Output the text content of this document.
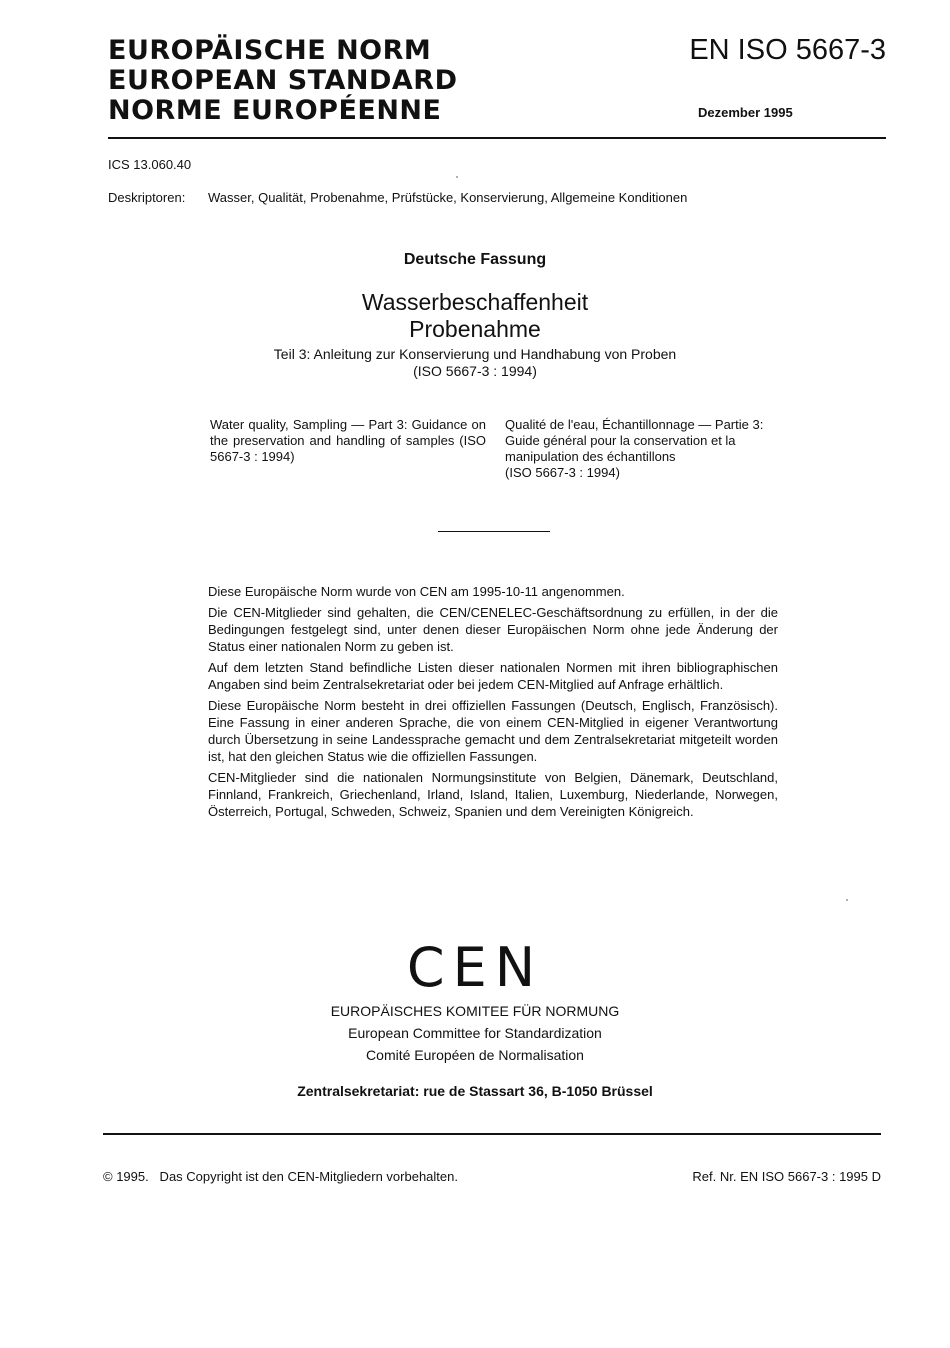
EUROPÄISCHE NORM
EUROPEAN STANDARD
NORME EUROPÉENNE
EN ISO 5667-3
Dezember 1995
ICS 13.060.40
Deskriptoren: Wasser, Qualität, Probenahme, Prüfstücke, Konservierung, Allgemeine Konditionen
Deutsche Fassung
Wasserbeschaffenheit
Probenahme
Teil 3: Anleitung zur Konservierung und Handhabung von Proben
(ISO 5667-3 : 1994)
Water quality, Sampling — Part 3: Guidance on the preservation and handling of samples (ISO 5667-3 : 1994)
Qualité de l'eau, Échantillonnage — Partie 3:
Guide général pour la conservation et la
manipulation des échantillons
(ISO 5667-3 : 1994)

Diese Europäische Norm wurde von CEN am 1995-10-11 angenommen.

Die CEN-Mitglieder sind gehalten, die CEN/CENELEC-Geschäftsordnung zu erfüllen, in der die Bedingungen festgelegt sind, unter denen dieser Europäischen Norm ohne jede Änderung der Status einer nationalen Norm zu geben ist.

Auf dem letzten Stand befindliche Listen dieser nationalen Normen mit ihren bibliographischen Angaben sind beim Zentralsekretariat oder bei jedem CEN-Mitglied auf Anfrage erhältlich.

Diese Europäische Norm besteht in drei offiziellen Fassungen (Deutsch, Englisch, Französisch). Eine Fassung in einer anderen Sprache, die von einem CEN-Mitglied in eigener Verantwortung durch Übersetzung in seine Landessprache gemacht und dem Zentralsekretariat mitgeteilt worden ist, hat den gleichen Status wie die offiziellen Fassungen.

CEN-Mitglieder sind die nationalen Normungsinstitute von Belgien, Dänemark, Deutschland, Finnland, Frankreich, Griechenland, Irland, Island, Italien, Luxemburg, Niederlande, Norwegen, Österreich, Portugal, Schweden, Schweiz, Spanien und dem Vereinigten Königreich.

CEN
EUROPÄISCHES KOMITEE FÜR NORMUNG
European Committee for Standardization
Comité Européen de Normalisation
Zentralsekretariat: rue de Stassart 36, B-1050 Brüssel
© 1995.   Das Copyright ist den CEN-Mitgliedern vorbehalten.	Ref. Nr. EN ISO 5667-3 : 1995 D
